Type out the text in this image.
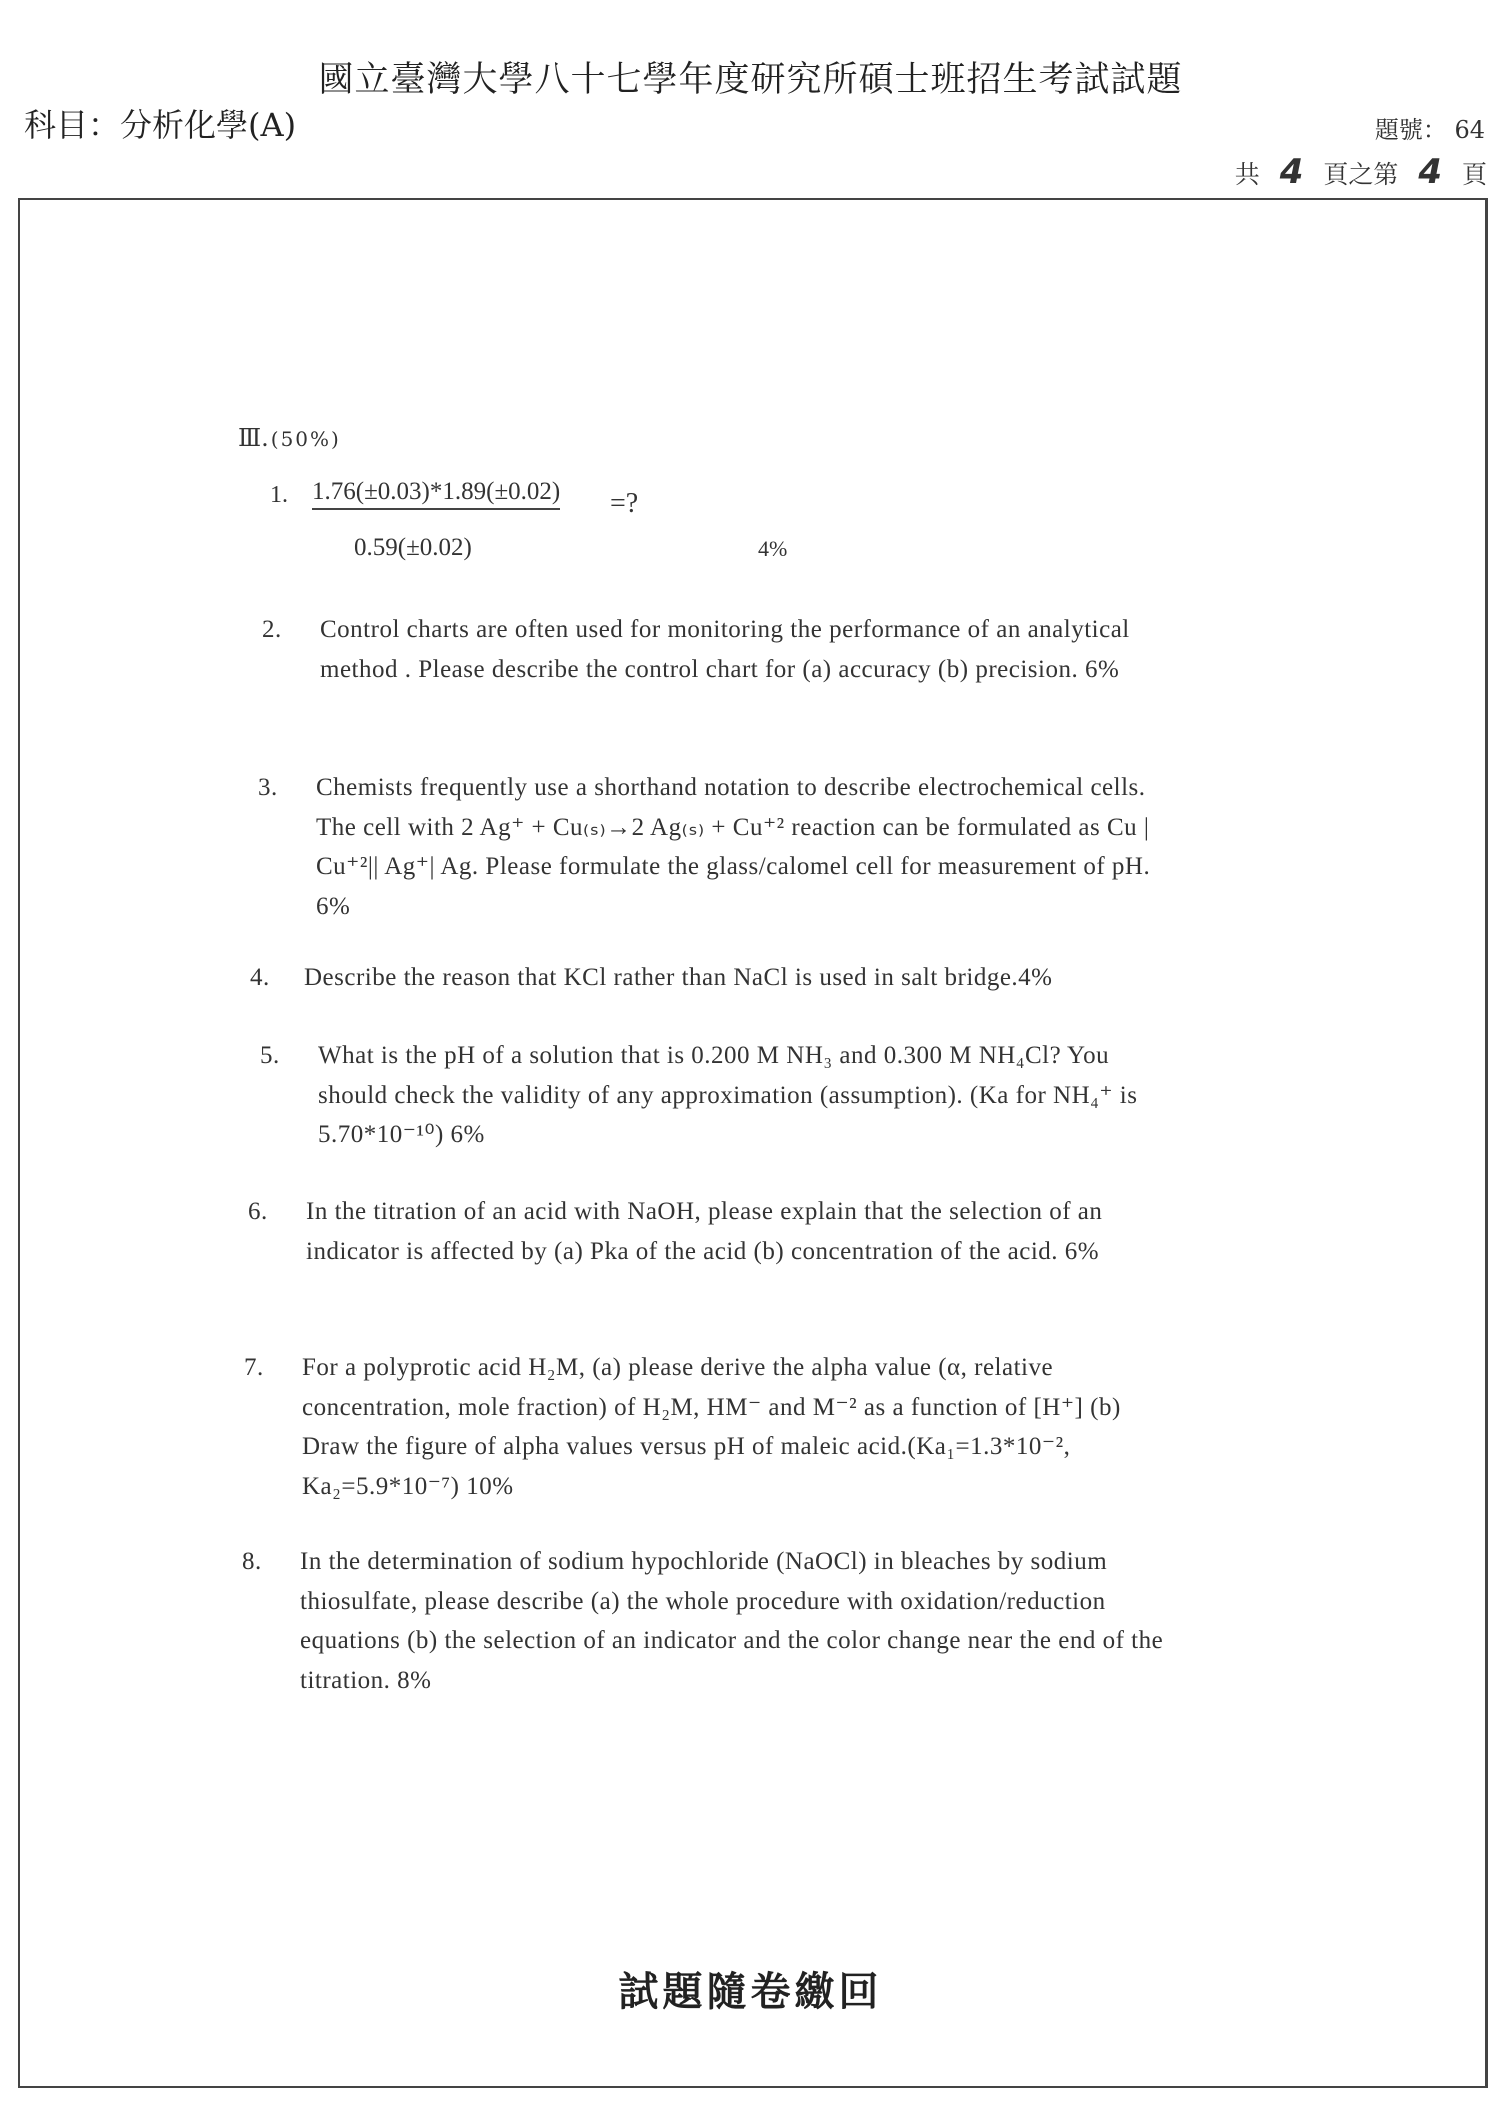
國立臺灣大學八十七學年度研究所碩士班招生考試試題
科目：分析化學(A)	題號： 64
共 4 頁之第 4 頁
Ⅲ. (50%)
1. 1.76(±0.03)*1.89(±0.02) =?
0.59(±0.02)	4%
2. Control charts are often used for monitoring the performance of an analytical method . Please describe the control chart for (a) accuracy (b) precision. 6%
3. Chemists frequently use a shorthand notation to describe electrochemical cells. The cell with 2 Ag⁺ + Cu₍ₛ₎→2 Ag₍ₛ₎ + Cu⁺² reaction can be formulated as Cu | Cu⁺²|| Ag⁺| Ag. Please formulate the glass/calomel cell for measurement of pH. 6%
4. Describe the reason that KCl rather than NaCl is used in salt bridge.4%
5. What is the pH of a solution that is 0.200 M NH₃ and 0.300 M NH₄Cl? You should check the validity of any approximation (assumption). (Ka for NH₄⁺ is 5.70*10⁻¹⁰) 6%
6. In the titration of an acid with NaOH, please explain that the selection of an indicator is affected by (a) Pka of the acid (b) concentration of the acid. 6%
7. For a polyprotic acid H₂M, (a) please derive the alpha value (α, relative concentration, mole fraction) of H₂M, HM⁻ and M⁻² as a function of [H⁺] (b) Draw the figure of alpha values versus pH of maleic acid.(Ka₁=1.3*10⁻², Ka₂=5.9*10⁻⁷) 10%
8. In the determination of sodium hypochloride (NaOCl) in bleaches by sodium thiosulfate, please describe (a) the whole procedure with oxidation/reduction equations (b) the selection of an indicator and the color change near the end of the titration. 8%
試題隨卷繳回
